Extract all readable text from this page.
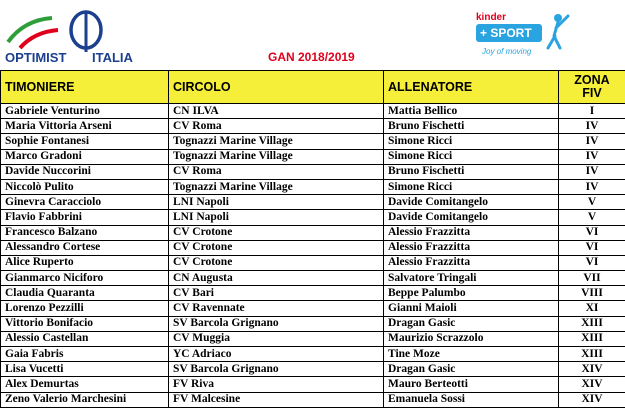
OPTIMIST ITALIA	GAN 2018/2019
kinder
+ SPORT
Joy of moving
TIMONIERE	CIRCOLO	ALLENATORE	ZONA
FIV
Gabriele Venturino	CN ILVA	Mattia Bellico	I
Maria Vittoria Arseni	CV Roma	Bruno Fischetti	IV
Sophie Fontanesi	Tognazzi Marine Village	Simone Ricci	IV
Marco Gradoni	Tognazzi Marine Village	Simone Ricci	IV
Davide Nuccorini	CV Roma	Bruno Fischetti	IV
Niccolò Pulito	Tognazzi Marine Village	Simone Ricci	IV
Ginevra Caracciolo	LNI Napoli	Davide Comitangelo	V
Flavio Fabbrini	LNI Napoli	Davide Comitangelo	V
Francesco Balzano	CV Crotone	Alessio Frazzitta	VI
Alessandro Cortese	CV Crotone	Alessio Frazzitta	VI
Alice Ruperto	CV Crotone	Alessio Frazzitta	VI
Gianmarco Niciforo	CN Augusta	Salvatore Tringali	VII
Claudia Quaranta	CV Bari	Beppe Palumbo	VIII
Lorenzo Pezzilli	CV Ravennate	Gianni Maioli	XI
Vittorio Bonifacio	SV Barcola Grignano	Dragan Gasic	XIII
Alessio Castellan	CV Muggia	Maurizio Scrazzolo	XIII
Gaia Fabris	YC Adriaco	Tine Moze	XIII
Lisa Vucetti	SV Barcola Grignano	Dragan Gasic	XIV
Alex Demurtas	FV Riva	Mauro Berteotti	XIV
Zeno Valerio Marchesini	FV Malcesine	Emanuela Sossi	XIV
